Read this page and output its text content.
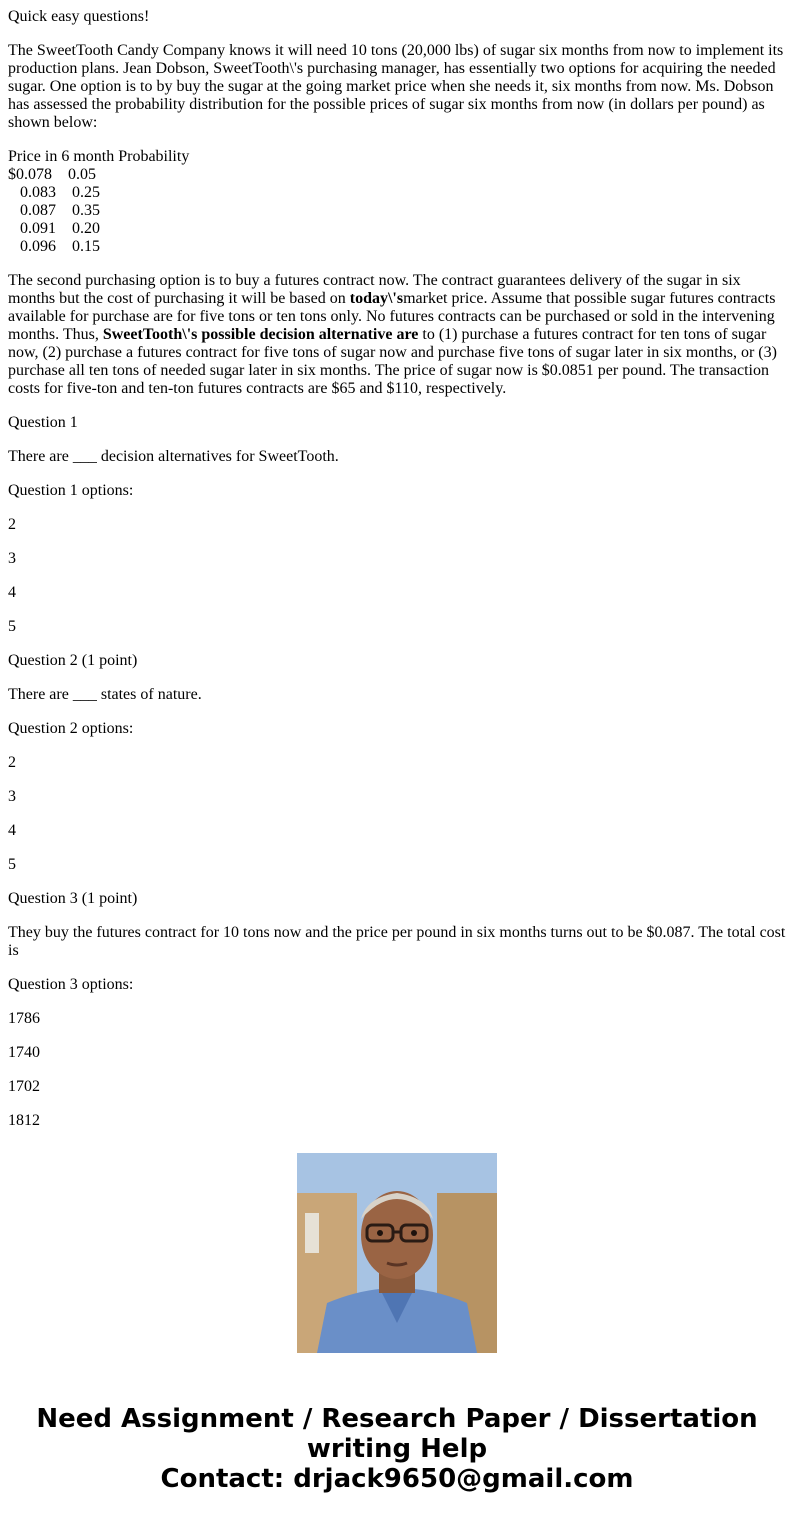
Quick easy questions!

The SweetTooth Candy Company knows it will need 10 tons (20,000 lbs) of sugar six months from now to implement its production plans. Jean Dobson, SweetTooth\'s purchasing manager, has essentially two options for acquiring the needed sugar. One option is to by buy the sugar at the going market price when she needs it, six months from now. Ms. Dobson has assessed the probability distribution for the possible prices of sugar six months from now (in dollars per pound) as shown below:

Price in 6 month Probability
$0.078    0.05
0.083    0.25
0.087    0.35
0.091    0.20
0.096    0.15

The second purchasing option is to buy a futures contract now. The contract guarantees delivery of the sugar in six months but the cost of purchasing it will be based on today\'smarket price. Assume that possible sugar futures contracts available for purchase are for five tons or ten tons only. No futures contracts can be purchased or sold in the intervening months. Thus, SweetTooth\'s possible decision alternative are to (1) purchase a futures contract for ten tons of sugar now, (2) purchase a futures contract for five tons of sugar now and purchase five tons of sugar later in six months, or (3) purchase all ten tons of needed sugar later in six months. The price of sugar now is $0.0851 per pound. The transaction costs for five-ton and ten-ton futures contracts are $65 and $110, respectively.

Question 1

There are ___ decision alternatives for SweetTooth.

Question 1 options:

2

3

4

5

Question 2 (1 point)

There are ___ states of nature.

Question 2 options:

2

3

4

5

Question 3 (1 point)

They buy the futures contract for 10 tons now and the price per pound in six months turns out to be $0.087. The total cost is

Question 3 options:

1786

1740

1702

1812

Need Assignment / Research Paper / Dissertation
writing Help
Contact: drjack9650@gmail.com
